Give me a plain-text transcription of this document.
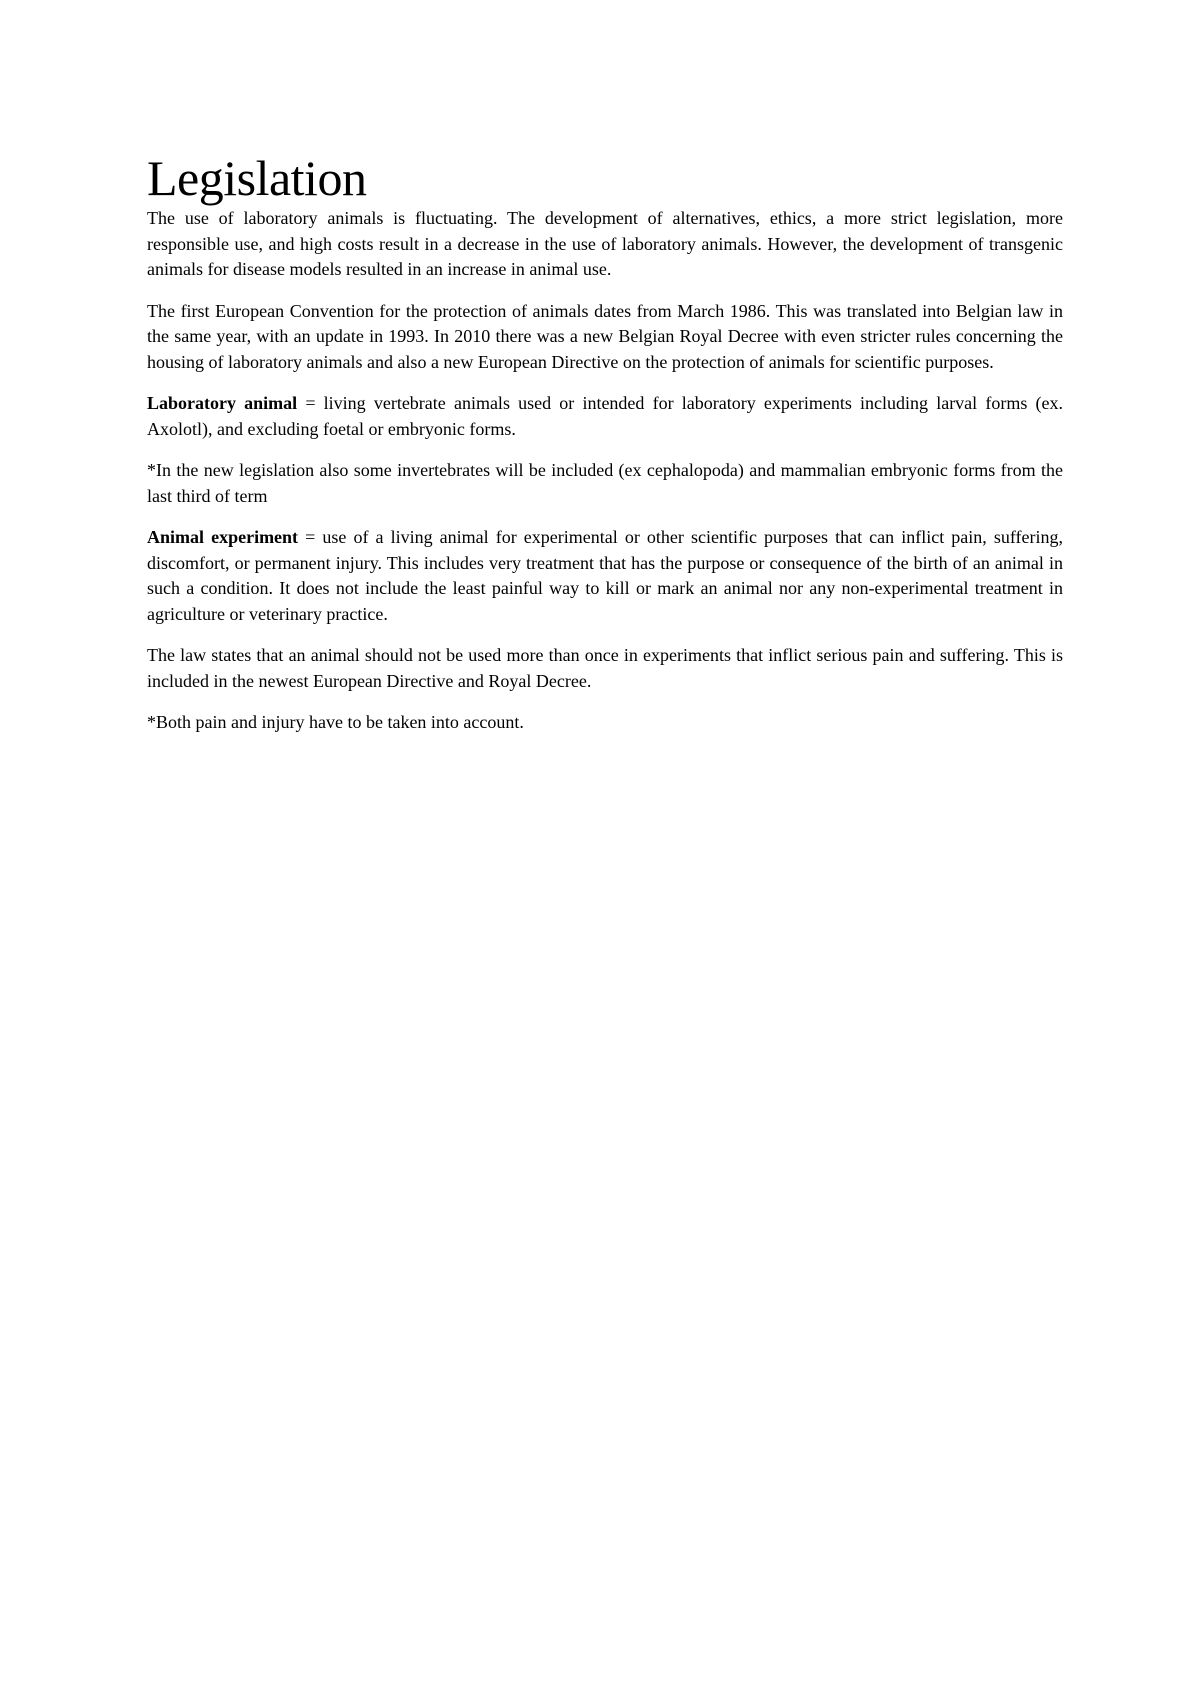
Legislation

The use of laboratory animals is fluctuating. The development of alternatives, ethics, a more strict legislation, more responsible use, and high costs result in a decrease in the use of laboratory animals. However, the development of transgenic animals for disease models resulted in an increase in animal use.

The first European Convention for the protection of animals dates from March 1986. This was translated into Belgian law in the same year, with an update in 1993. In 2010 there was a new Belgian Royal Decree with even stricter rules concerning the housing of laboratory animals and also a new European Directive on the protection of animals for scientific purposes.

Laboratory animal = living vertebrate animals used or intended for laboratory experiments including larval forms (ex. Axolotl), and excluding foetal or embryonic forms.

*In the new legislation also some invertebrates will be included (ex cephalopoda) and mammalian embryonic forms from the last third of term

Animal experiment = use of a living animal for experimental or other scientific purposes that can inflict pain, suffering, discomfort, or permanent injury. This includes very treatment that has the purpose or consequence of the birth of an animal in such a condition. It does not include the least painful way to kill or mark an animal nor any non-experimental treatment in agriculture or veterinary practice.

The law states that an animal should not be used more than once in experiments that inflict serious pain and suffering. This is included in the newest European Directive and Royal Decree.

*Both pain and injury have to be taken into account.
